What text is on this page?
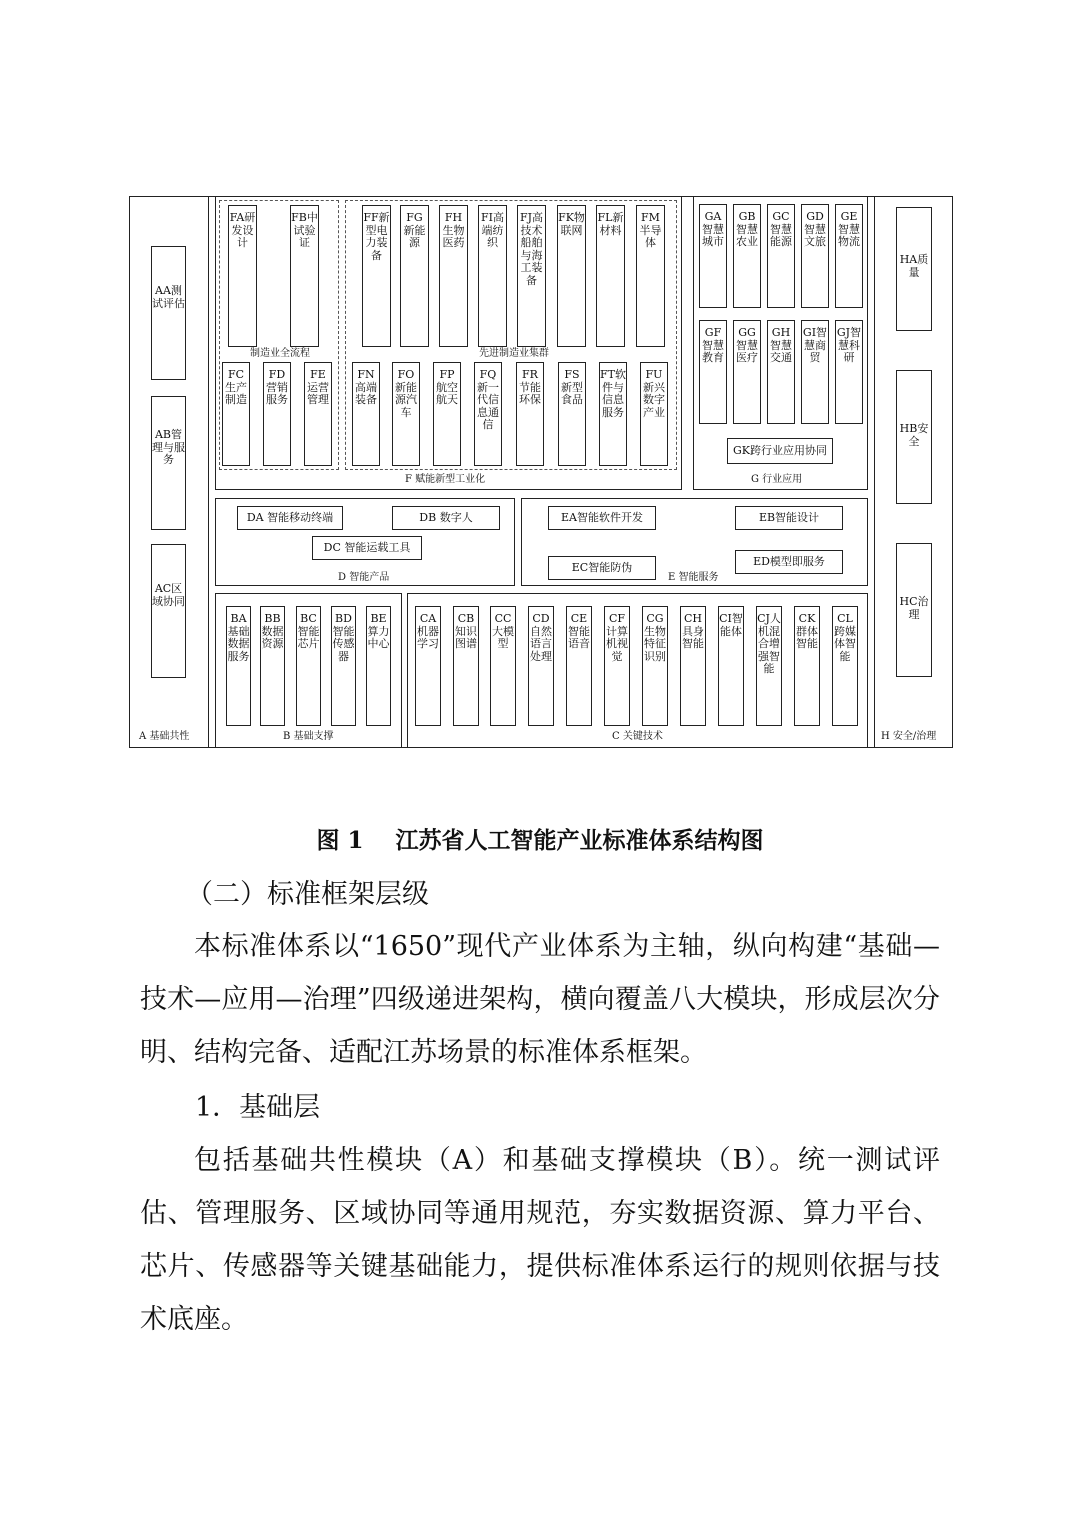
AA测试评估
AB管理与服务
AC区域协同
A 基础共性
制造业全流程	先进制造业集群
F 赋能新型工业化
FA研发设计
FB中试验证
FC生产制造
FD营销服务
FE运营管理
FF新型电力装备
FG新能源
FH生物医药
FI高端纺织
FJ高技术船舶与海工装备
FK物联网
FL新材料
FM半导体
FN高端装备
FO新能源汽车
FP航空航天
FQ新一代信息通信
FR节能环保
FS新型食品
FT软件与信息服务
FU新兴数字产业
GA智慧城市
GB智慧农业
GC智慧能源
GD智慧文旅
GE智慧物流
GF智慧教育
GG智慧医疗
GH智慧交通
GI智慧商贸
GJ智慧科研
GK跨行业应用协同
G 行业应用
DA 智能移动终端	DB 数字人
DC 智能运载工具
D 智能产品
EA智能软件开发	EB智能设计
EC智能防伪	ED模型即服务
E 智能服务
BA基础数据服务
BB数据资源
BC智能芯片
BD智能传感器
BE算力中心
B 基础支撑
CA机器学习
CB知识图谱
CC大模型
CD自然语言处理
CE智能语音
CF计算机视觉
CG生物特征识别
CH具身智能
CI智能体
CJ人机混合增强智能
CK群体智能
CL跨媒体智能
C 关键技术
HA质量
HB安全
HC治理
H 安全/治理
图 1    江苏省人工智能产业标准体系结构图
（二）标准框架层级
本标准体系以“1650”现代产业体系为主轴，纵向构建“基础—技术—应用—治理”四级递进架构，横向覆盖八大模块，形成层次分明、结构完备、适配江苏场景的标准体系框架。
1．基础层
包括基础共性模块（A）和基础支撑模块（B）。统一测试评估、管理服务、区域协同等通用规范，夯实数据资源、算力平台、芯片、传感器等关键基础能力，提供标准体系运行的规则依据与技术底座。
